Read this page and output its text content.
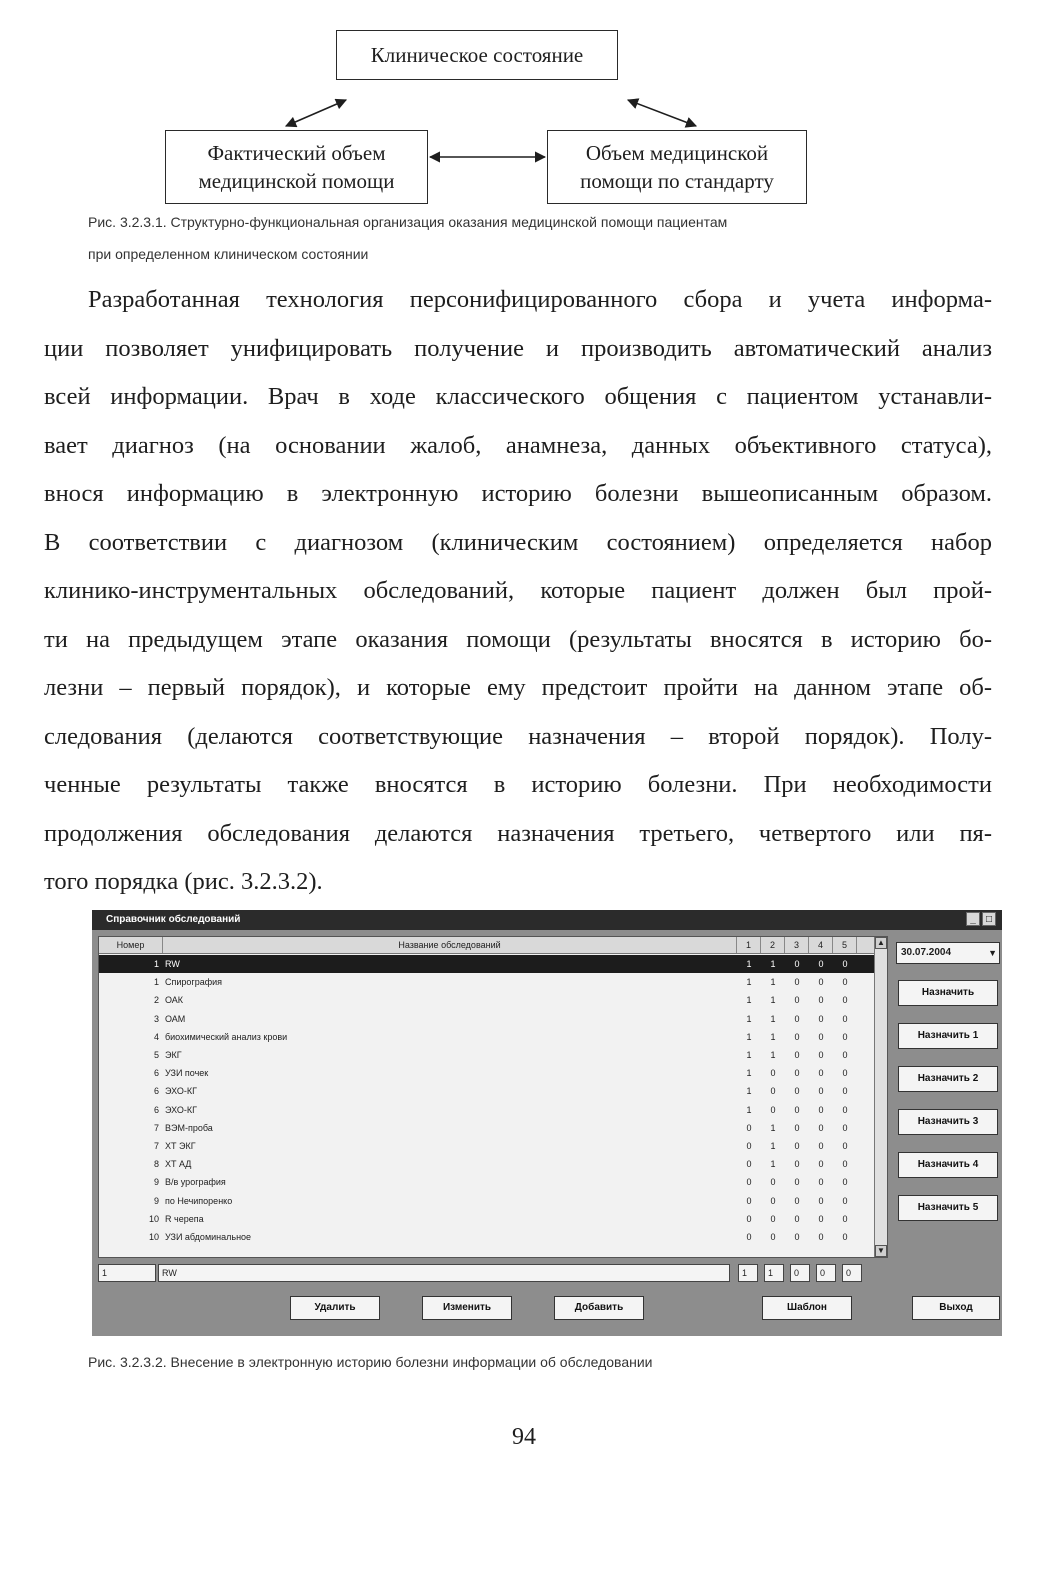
Клиническое состояние
Фактический объем
медицинской помощи
Объем медицинской
помощи по стандарту
Рис. 3.2.3.1. Структурно-функциональная организация оказания медицинской помощи пациентам
при определенном клиническом состоянии
Разработанная технология персонифицированного сбора и учета информа-
ции позволяет унифицировать получение и производить автоматический анализ
всей информации. Врач в ходе классического общения с пациентом устанавли-
вает диагноз (на основании жалоб, анамнеза, данных объективного статуса),
внося информацию в электронную историю болезни вышеописанным образом.
В соответствии с диагнозом (клиническим состоянием) определяется набор
клинико-инструментальных обследований, которые пациент должен был прой-
ти на предыдущем этапе оказания помощи (результаты вносятся в историю бо-
лезни – первый порядок), и которые ему предстоит пройти на данном этапе об-
следования (делаются соответствующие назначения – второй порядок). Полу-
ченные результаты также вносятся в историю болезни. При необходимости
продолжения обследования делаются назначения третьего, четвертого или пя-
того порядка (рис. 3.2.3.2).
Справочник обследований	_	□
Номер	Название обследований	1	2	3	4	5
1 RW	1	1	0	0	0
1 Спирография	1	1	0	0	0
2 ОАК	1	1	0	0	0
3 ОАМ	1	1	0	0	0
4 биохимический анализ крови	1	1	0	0	0
5 ЭКГ	1	1	0	0	0
6 УЗИ почек	1	0	0	0	0
6 ЭХО-КГ	1	0	0	0	0
6 ЭХО-КГ	1	0	0	0	0
7 ВЭМ-проба	0	1	0	0	0
7 ХТ ЭКГ	0	1	0	0	0
8 ХТ АД	0	1	0	0	0
9 В/в урография	0	0	0	0	0
9 по Нечипоренко	0	0	0	0	0
10 R черепа	0	0	0	0	0
10 УЗИ абдоминальное	0	0	0	0	0
▲
▼
30.07.2004	▼
Назначить
Назначить 1
Назначить 2
Назначить 3
Назначить 4
Назначить 5
1	RW	1	1	0	0	0
Удалить	Изменить	Добавить	Шаблон	Выход
Рис. 3.2.3.2. Внесение в электронную историю болезни информации об обследовании
94
